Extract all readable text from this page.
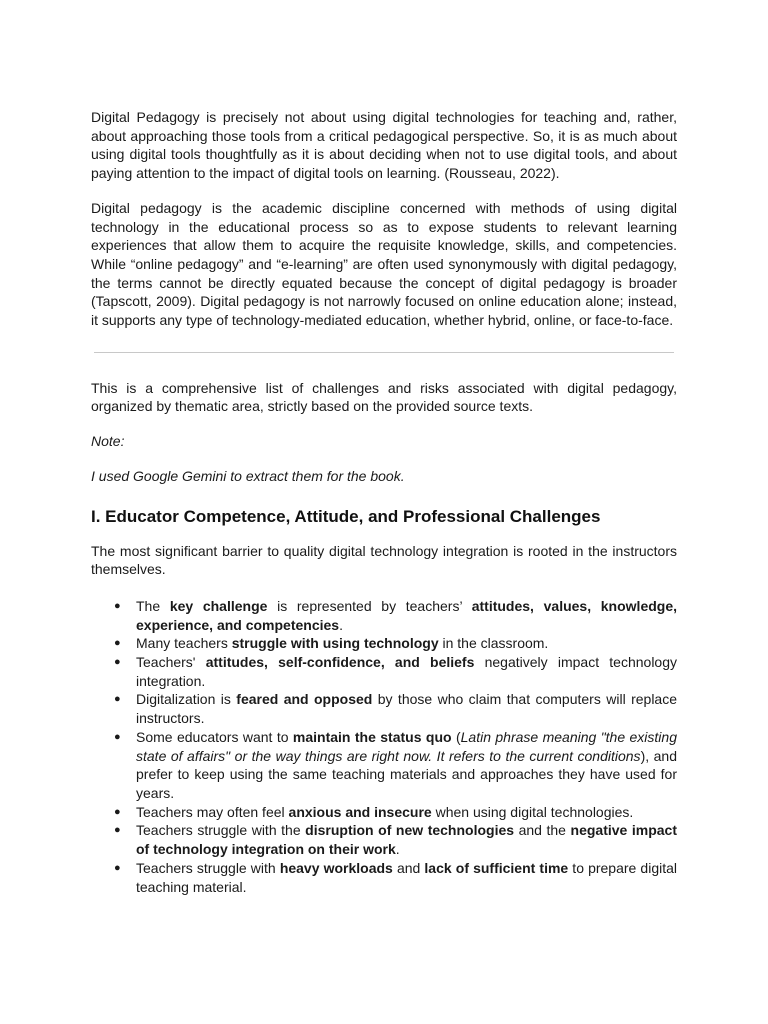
Digital Pedagogy is precisely not about using digital technologies for teaching and, rather, about approaching those tools from a critical pedagogical perspective. So, it is as much about using digital tools thoughtfully as it is about deciding when not to use digital tools, and about paying attention to the impact of digital tools on learning. (Rousseau, 2022).

Digital pedagogy is the academic discipline concerned with methods of using digital technology in the educational process so as to expose students to relevant learning experiences that allow them to acquire the requisite knowledge, skills, and competencies. While “online pedagogy” and “e-learning” are often used synonymously with digital pedagogy, the terms cannot be directly equated because the concept of digital pedagogy is broader (Tapscott, 2009). Digital pedagogy is not narrowly focused on online education alone; instead, it supports any type of technology-mediated education, whether hybrid, online, or face-to-face.

This is a comprehensive list of challenges and risks associated with digital pedagogy, organized by thematic area, strictly based on the provided source texts.

Note:

I used Google Gemini to extract them for the book.

I. Educator Competence, Attitude, and Professional Challenges

The most significant barrier to quality digital technology integration is rooted in the instructors themselves.

● The key challenge is represented by teachers’ attitudes, values, knowledge, experience, and competencies.
● Many teachers struggle with using technology in the classroom.
● Teachers' attitudes, self-confidence, and beliefs negatively impact technology integration.
● Digitalization is feared and opposed by those who claim that computers will replace instructors.
● Some educators want to maintain the status quo (Latin phrase meaning "the existing state of affairs" or the way things are right now. It refers to the current conditions), and prefer to keep using the same teaching materials and approaches they have used for years.
● Teachers may often feel anxious and insecure when using digital technologies.
● Teachers struggle with the disruption of new technologies and the negative impact of technology integration on their work.
● Teachers struggle with heavy workloads and lack of sufficient time to prepare digital teaching material.
